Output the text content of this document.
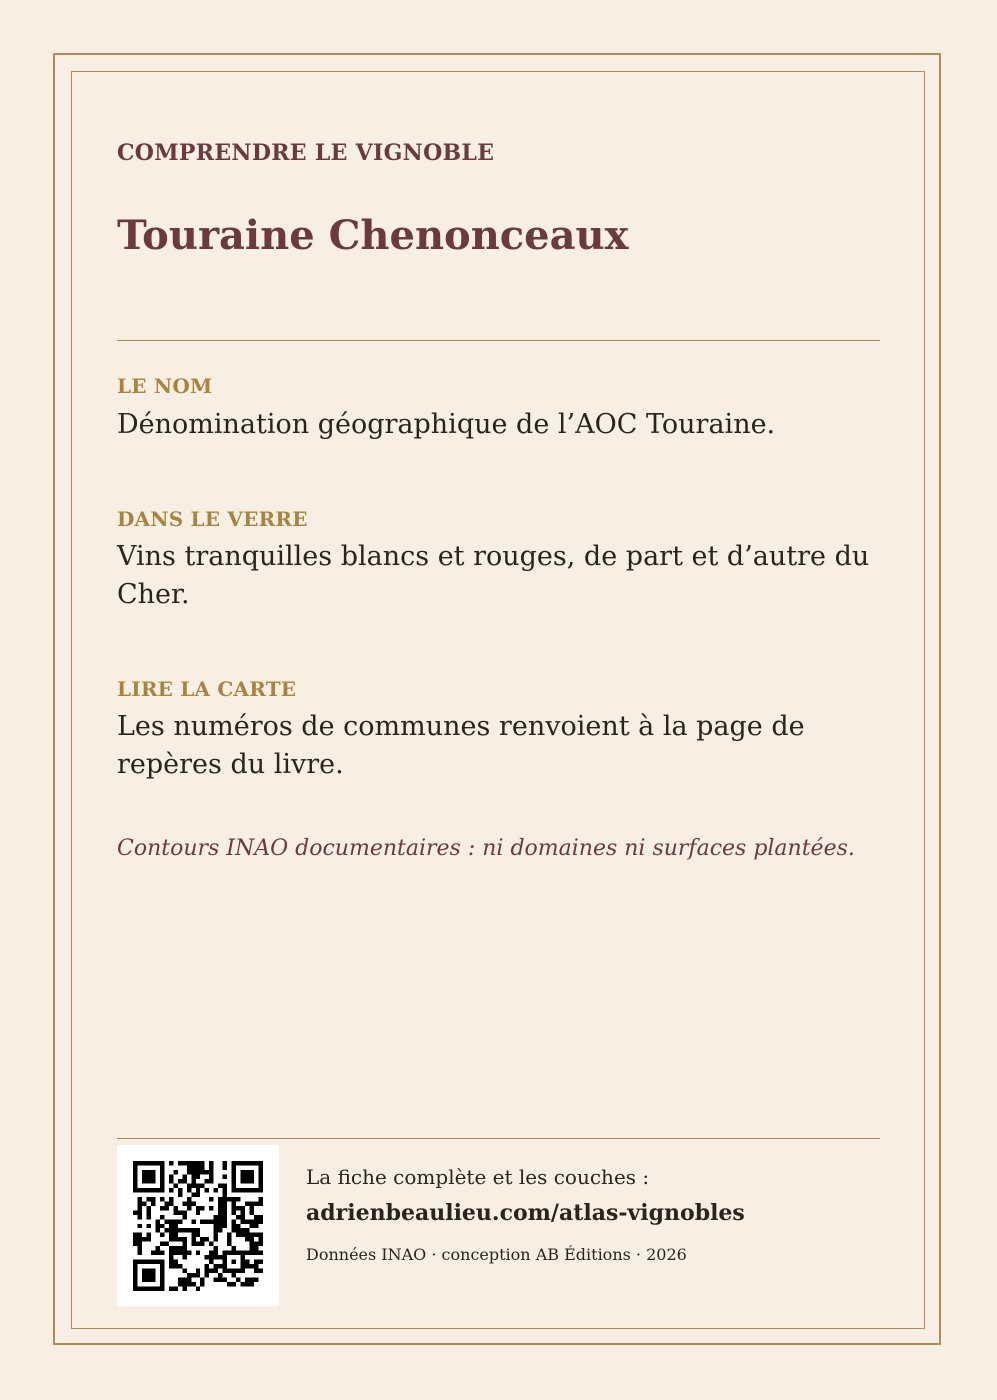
COMPRENDRE LE VIGNOBLE
Touraine Chenonceaux
LE NOM
Dénomination géographique de l’AOC Touraine.
DANS LE VERRE
Vins tranquilles blancs et rouges, de part et d’autre du Cher.
LIRE LA CARTE
Les numéros de communes renvoient à la page de repères du livre.
Contours INAO documentaires : ni domaines ni surfaces plantées.
La fiche complète et les couches :
adrienbeaulieu.com/atlas-vignobles
Données INAO · conception AB Éditions · 2026
